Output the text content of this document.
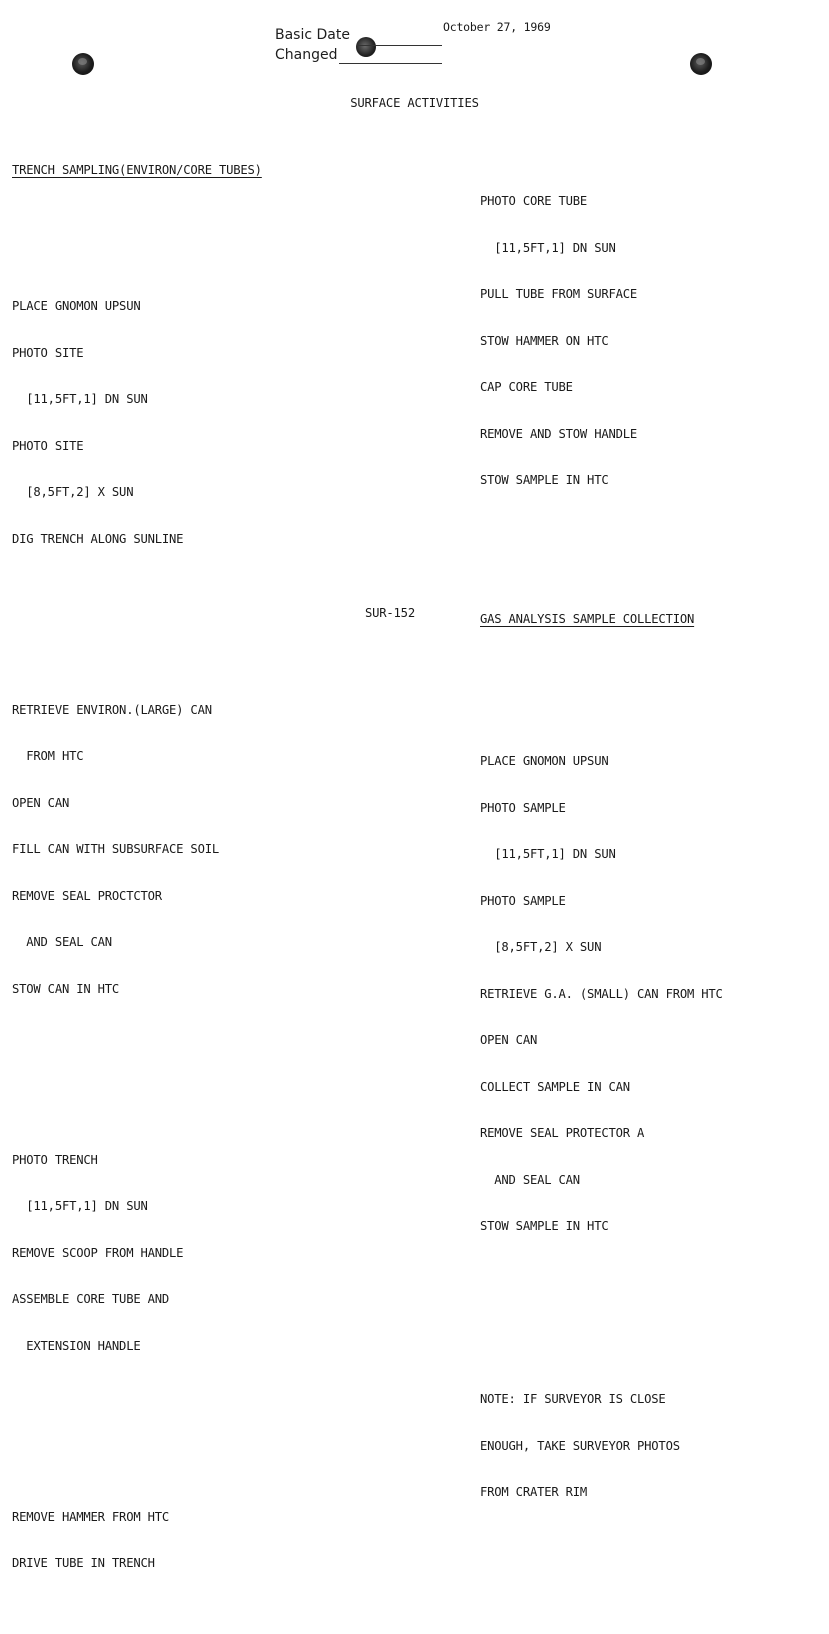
Basic Date	October 27, 1969
Changed
SURFACE ACTIVITIES

TRENCH SAMPLING(ENVIRON/CORE TUBES)

PLACE GNOMON UPSUN

PHOTO SITE

[11,5FT,1] DN SUN

PHOTO SITE

[8,5FT,2] X SUN

DIG TRENCH ALONG SUNLINE

RETRIEVE ENVIRON.(LARGE) CAN

FROM HTC

OPEN CAN

FILL CAN WITH SUBSURFACE SOIL

REMOVE SEAL PROCTCTOR

AND SEAL CAN

STOW CAN IN HTC

PHOTO TRENCH

[11,5FT,1] DN SUN

REMOVE SCOOP FROM HANDLE

ASSEMBLE CORE TUBE AND

EXTENSION HANDLE

REMOVE HAMMER FROM HTC

DRIVE TUBE IN TRENCH

PHOTO CORE TUBE

[11,5FT,1] DN SUN

PULL TUBE FROM SURFACE

STOW HAMMER ON HTC

CAP CORE TUBE

REMOVE AND STOW HANDLE

STOW SAMPLE IN HTC

GAS ANALYSIS SAMPLE COLLECTION

PLACE GNOMON UPSUN

PHOTO SAMPLE

[11,5FT,1] DN SUN

PHOTO SAMPLE

[8,5FT,2] X SUN

RETRIEVE G.A. (SMALL) CAN FROM HTC

OPEN CAN

COLLECT SAMPLE IN CAN

REMOVE SEAL PROTECTOR A

AND SEAL CAN

STOW SAMPLE IN HTC

NOTE: IF SURVEYOR IS CLOSE

ENOUGH, TAKE SURVEYOR PHOTOS

FROM CRATER RIM

SUR-152
